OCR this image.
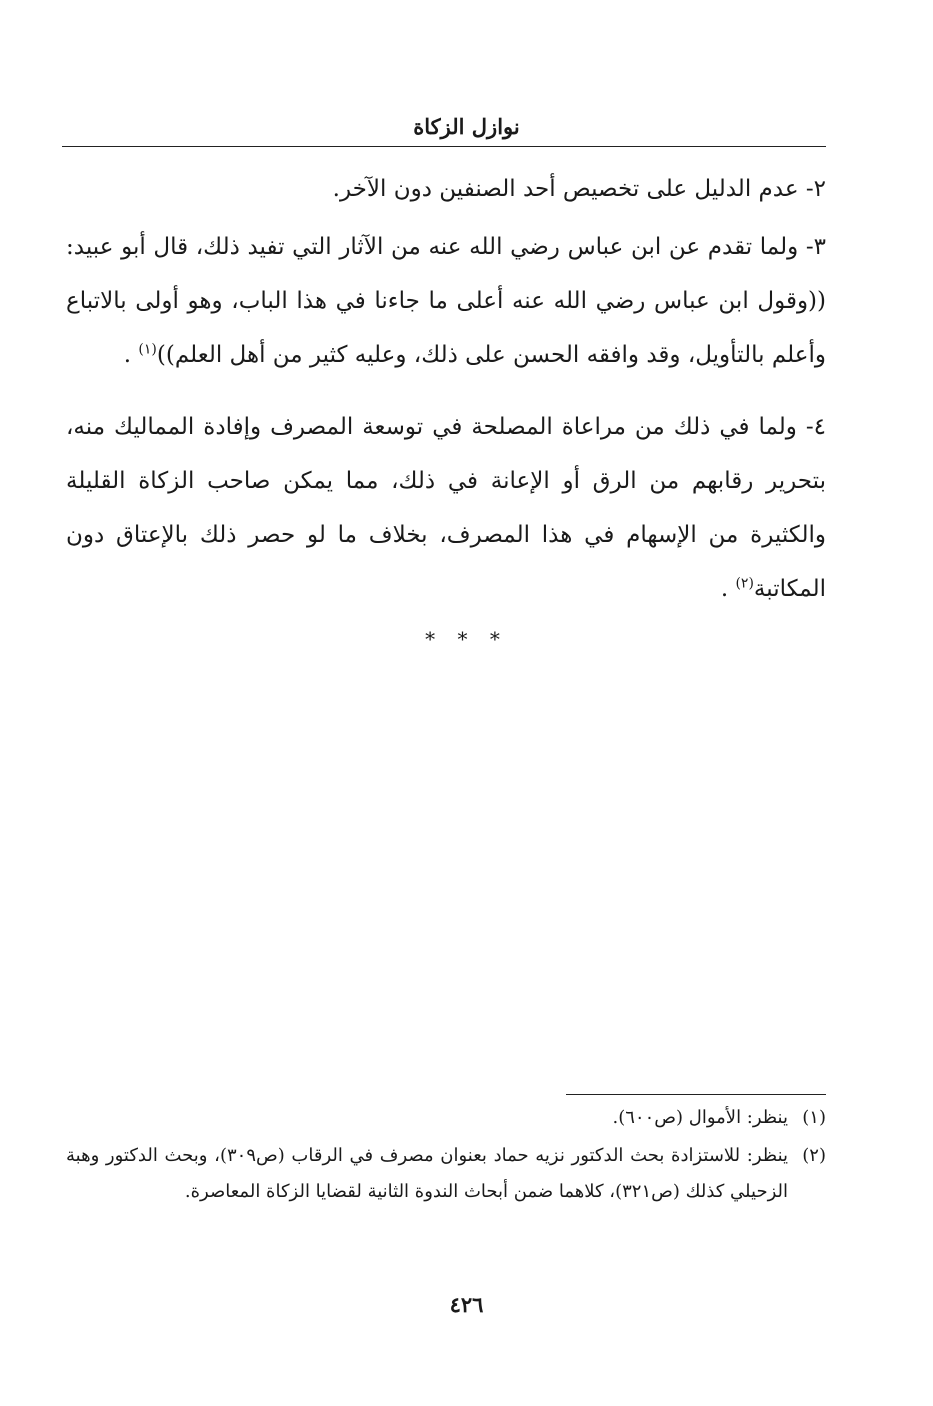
نوازل الزكاة

٢- عدم الدليل على تخصيص أحد الصنفين دون الآخر.

٣- ولما تقدم عن ابن عباس رضي الله عنه من الآثار التي تفيد ذلك، قال أبو عبيد: ((وقول ابن عباس رضي الله عنه أعلى ما جاءنا في هذا الباب، وهو أولى بالاتباع وأعلم بالتأويل، وقد وافقه الحسن على ذلك، وعليه كثير من أهل العلم))$^{(١)}$ .

٤- ولما في ذلك من مراعاة المصلحة في توسعة المصرف وإفادة المماليك منه، بتحرير رقابهم من الرق أو الإعانة في ذلك، مما يمكن صاحب الزكاة القليلة والكثيرة من الإسهام في هذا المصرف، بخلاف ما لو حصر ذلك بالإعتاق دون المكاتبة$^{(٢)}$ .

* * *
(١)
ينظر: الأموال (ص٦٠٠).
(٢)
ينظر: للاستزادة بحث الدكتور نزيه حماد بعنوان مصرف في الرقاب (ص٣٠٩)، وبحث الدكتور وهبة الزحيلي كذلك (ص٣٢١)، كلاهما ضمن أبحاث الندوة الثانية لقضايا الزكاة المعاصرة.
٤٢٦
